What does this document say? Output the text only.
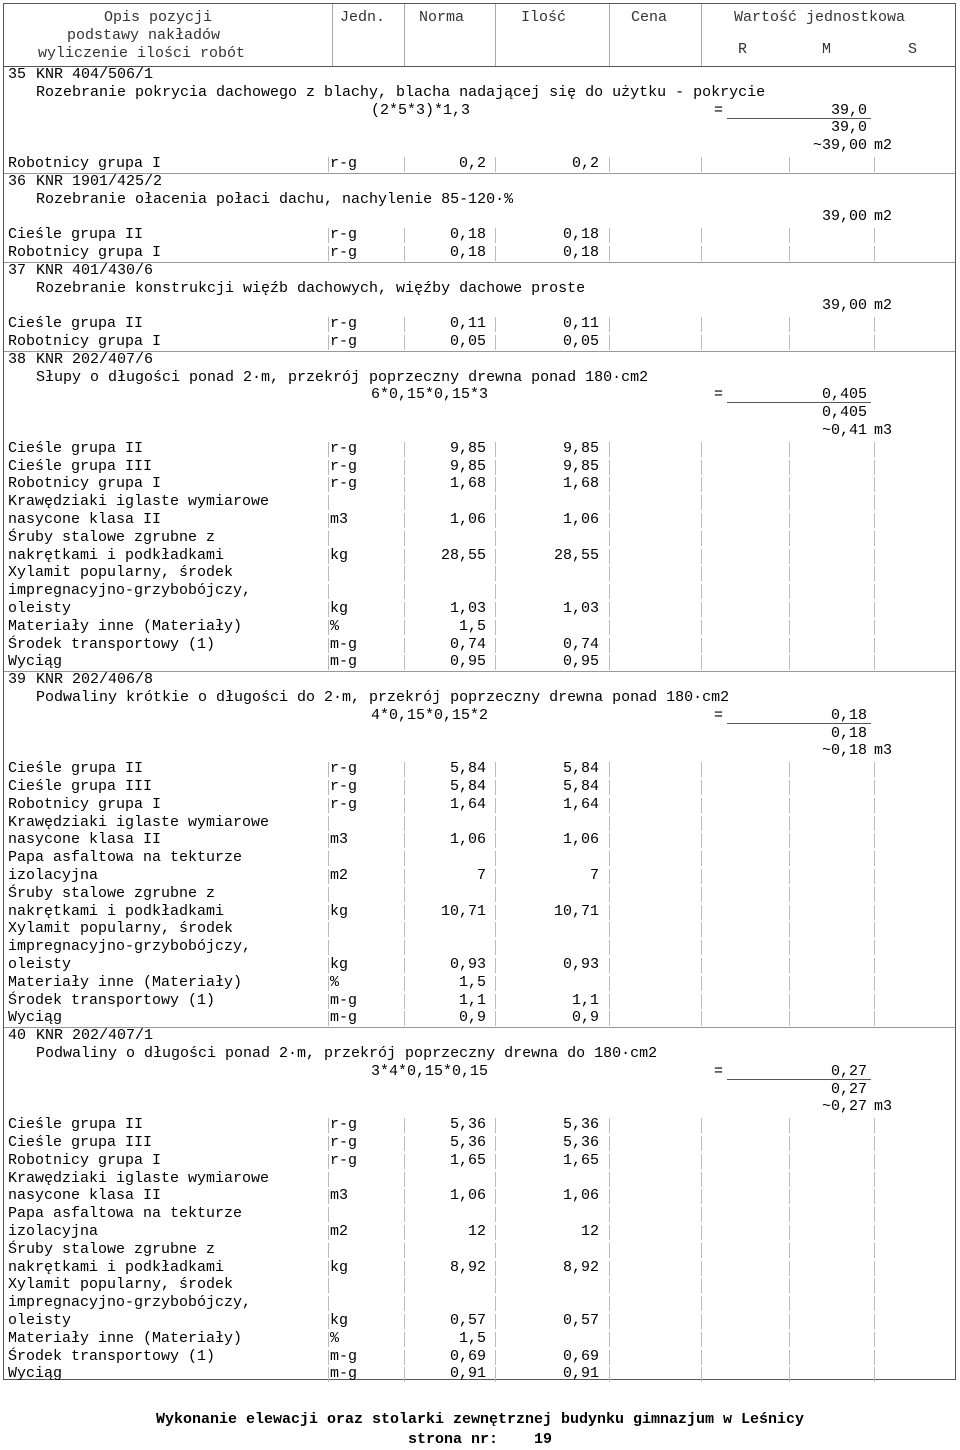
Opis pozycji
podstawy nakładów
wyliczenie ilości robót
Jedn. Norma	Ilość	Cena	Wartość jednostkowa
R	M	S
35 KNR 404/506/1
Rozebranie pokrycia dachowego z blachy, blacha nadającej się do użytku - pokrycie
(2*5*3)*1,3	=	39,0
39,0
~39,00 m2
Robotnicy grupa I	r-g	0,2	0,2
36 KNR 1901/425/2
Rozebranie ołacenia połaci dachu, nachylenie 85-120·%
39,00 m2
Cieśle grupa II	r-g	0,18	0,18
Robotnicy grupa I	r-g	0,18	0,18
37 KNR 401/430/6
Rozebranie konstrukcji więźb dachowych, więźby dachowe proste
39,00 m2
Cieśle grupa II	r-g	0,11	0,11
Robotnicy grupa I	r-g	0,05	0,05
38 KNR 202/407/6
Słupy o długości ponad 2·m, przekrój poprzeczny drewna ponad 180·cm2
6*0,15*0,15*3	=	0,405
0,405
~0,41 m3
Cieśle grupa II	r-g	9,85	9,85
Cieśle grupa III	r-g	9,85	9,85
Robotnicy grupa I	r-g	1,68	1,68
Krawędziaki iglaste wymiarowe
nasycone klasa II	m3	1,06	1,06
Śruby stalowe zgrubne z
nakrętkami i podkładkami	kg	28,55	28,55
Xylamit popularny, środek
impregnacyjno-grzybobójczy,
oleisty	kg	1,03	1,03
Materiały inne (Materiały)	%	1,5
Środek transportowy (1)	m-g	0,74	0,74
Wyciąg	m-g	0,95	0,95
39 KNR 202/406/8
Podwaliny krótkie o długości do 2·m, przekrój poprzeczny drewna ponad 180·cm2
4*0,15*0,15*2	=	0,18
0,18
~0,18 m3
Cieśle grupa II	r-g	5,84	5,84
Cieśle grupa III	r-g	5,84	5,84
Robotnicy grupa I	r-g	1,64	1,64
Krawędziaki iglaste wymiarowe
nasycone klasa II	m3	1,06	1,06
Papa asfaltowa na tekturze
izolacyjna	m2	7	7
Śruby stalowe zgrubne z
nakrętkami i podkładkami	kg	10,71	10,71
Xylamit popularny, środek
impregnacyjno-grzybobójczy,
oleisty	kg	0,93	0,93
Materiały inne (Materiały)	%	1,5
Środek transportowy (1)	m-g	1,1	1,1
Wyciąg	m-g	0,9	0,9
40 KNR 202/407/1
Podwaliny o długości ponad 2·m, przekrój poprzeczny drewna do 180·cm2
3*4*0,15*0,15	=	0,27
0,27
~0,27 m3
Cieśle grupa II	r-g	5,36	5,36
Cieśle grupa III	r-g	5,36	5,36
Robotnicy grupa I	r-g	1,65	1,65
Krawędziaki iglaste wymiarowe
nasycone klasa II	m3	1,06	1,06
Papa asfaltowa na tekturze
izolacyjna	m2	12	12
Śruby stalowe zgrubne z
nakrętkami i podkładkami	kg	8,92	8,92
Xylamit popularny, środek
impregnacyjno-grzybobójczy,
oleisty	kg	0,57	0,57
Materiały inne (Materiały)	%	1,5
Środek transportowy (1)	m-g	0,69	0,69
Wyciąg	m-g	0,91	0,91
Wykonanie elewacji oraz stolarki zewnętrznej budynku gimnazjum w Leśnicy
strona nr: 19
